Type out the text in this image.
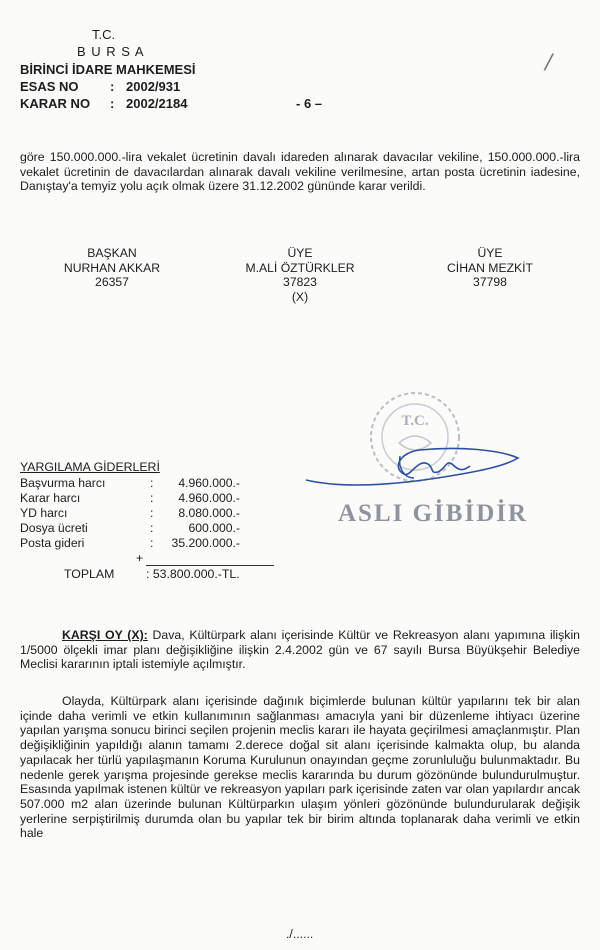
T.C.
B U R S A
BİRİNCİ İDARE MAHKEMESİ
ESAS NO : 2002/931
KARAR NO : 2002/2184	- 6 –
/
göre 150.000.000.-lira vekalet ücretinin davalı idareden alınarak davacılar vekiline, 150.000.000.-lira vekalet ücretinin de davacılardan alınarak davalı vekiline verilmesine, artan posta ücretinin iadesine, Danıştay'a temyiz yolu açık olmak üzere 31.12.2002 gününde karar verildi.
BAŞKAN
NURHAN AKKAR
26357
ÜYE
M.ALİ ÖZTÜRKLER
37823
(X)
ÜYE
CİHAN MEZKİT
37798
T.C.
ASLI GİBİDİR
YARGILAMA GİDERLERİ
Başvurma harcı	: 4.960.000.-
Karar harcı	: 4.960.000.-
YD harcı	: 8.080.000.-
Dosya ücreti	:	600.000.-
Posta gideri	: 35.200.000.-
+
TOPLAM	: 53.800.000.-TL.
KARŞI OY (X): Dava, Kültürpark alanı içerisinde Kültür ve Rekreasyon alanı yapımına ilişkin 1/5000 ölçekli imar planı değişikliğine ilişkin 2.4.2002 gün ve 67 sayılı Bursa Büyükşehir Belediye Meclisi kararının iptali istemiyle açılmıştır.
Olayda, Kültürpark alanı içerisinde dağınık biçimlerde bulunan kültür yapılarını tek bir alan içinde daha verimli ve etkin kullanımının sağlanması amacıyla yani bir düzenleme ihtiyacı üzerine yapılan yarışma sonucu birinci seçilen projenin meclis kararı ile hayata geçirilmesi amaçlanmıştır. Plan değişikliğinin yapıldığı alanın tamamı 2.derece doğal sit alanı içerisinde kalmakta olup, bu alanda yapılacak her türlü yapılaşmanın Koruma Kurulunun onayından geçme zorunluluğu bulunmaktadır. Bu nedenle gerek yarışma projesinde gerekse meclis kararında bu durum gözönünde bulundurulmuştur. Esasında yapılmak istenen kültür ve rekreasyon yapıları park içerisinde zaten var olan yapılardır ancak 507.000 m2 alan üzerinde bulunan Kültürparkın ulaşım yönleri gözönünde bulundurularak değişik yerlerine serpiştirilmiş durumda olan bu yapılar tek bir birim altında toplanarak daha verimli ve etkin hale
./......
